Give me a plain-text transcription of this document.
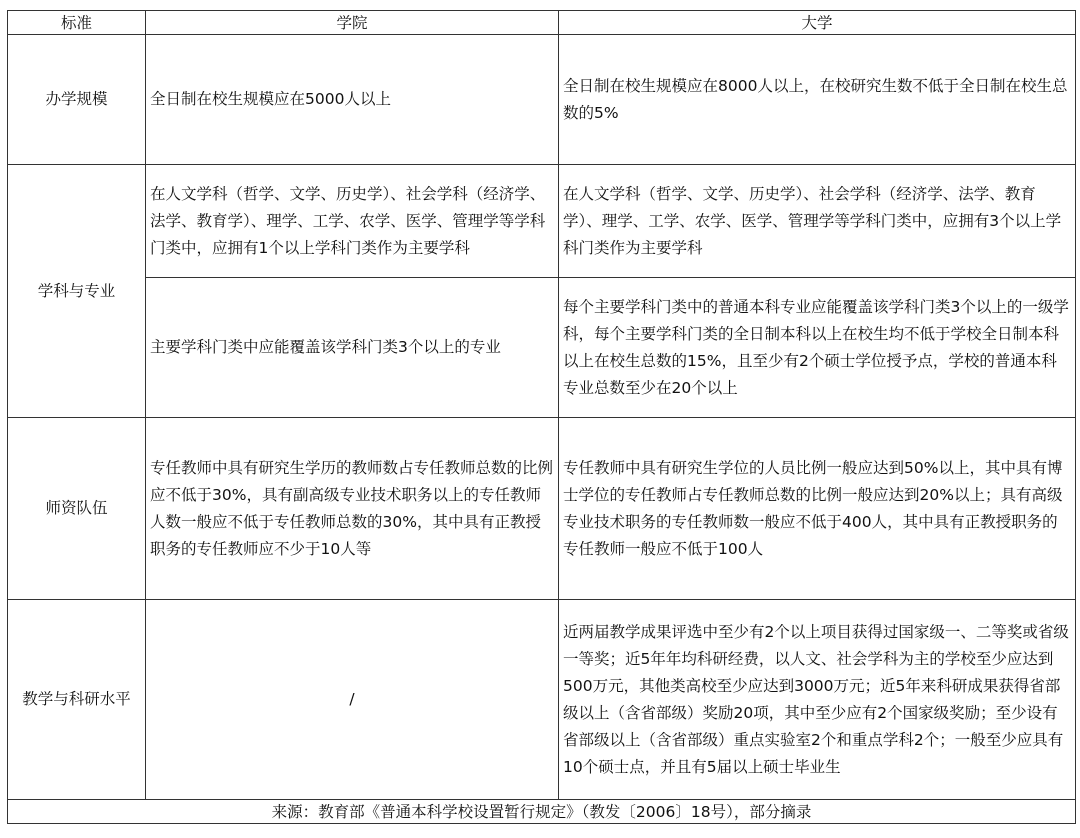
标准	学院	大学
办学规模	全日制在校生规模应在5000人以上	全日制在校生规模应在8000人以上，在校研究生数不低于全日制在校生总数的5%
学科与专业	在人文学科（哲学、文学、历史学）、社会学科（经济学、法学、教育学）、理学、工学、农学、医学、管理学等学科门类中，应拥有1个以上学科门类作为主要学科	在人文学科（哲学、文学、历史学）、社会学科（经济学、法学、教育学）、理学、工学、农学、医学、管理学等学科门类中，应拥有3个以上学科门类作为主要学科
	主要学科门类中应能覆盖该学科门类3个以上的专业	每个主要学科门类中的普通本科专业应能覆盖该学科门类3个以上的一级学科，每个主要学科门类的全日制本科以上在校生均不低于学校全日制本科以上在校生总数的15%，且至少有2个硕士学位授予点，学校的普通本科专业总数至少在20个以上
师资队伍	专任教师中具有研究生学历的教师数占专任教师总数的比例应不低于30%，具有副高级专业技术职务以上的专任教师人数一般应不低于专任教师总数的30%，其中具有正教授职务的专任教师应不少于10人等	专任教师中具有研究生学位的人员比例一般应达到50%以上，其中具有博士学位的专任教师占专任教师总数的比例一般应达到20%以上；具有高级专业技术职务的专任教师数一般应不低于400人，其中具有正教授职务的专任教师一般应不低于100人
教学与科研水平	/	近两届教学成果评选中至少有2个以上项目获得过国家级一、二等奖或省级一等奖；近5年年均科研经费，以人文、社会学科为主的学校至少应达到500万元，其他类高校至少应达到3000万元；近5年来科研成果获得省部级以上（含省部级）奖励20项，其中至少应有2个国家级奖励；至少设有省部级以上（含省部级）重点实验室2个和重点学科2个；一般至少应具有10个硕士点，并且有5届以上硕士毕业生
来源：教育部《普通本科学校设置暂行规定》（教发〔2006〕18号），部分摘录		
